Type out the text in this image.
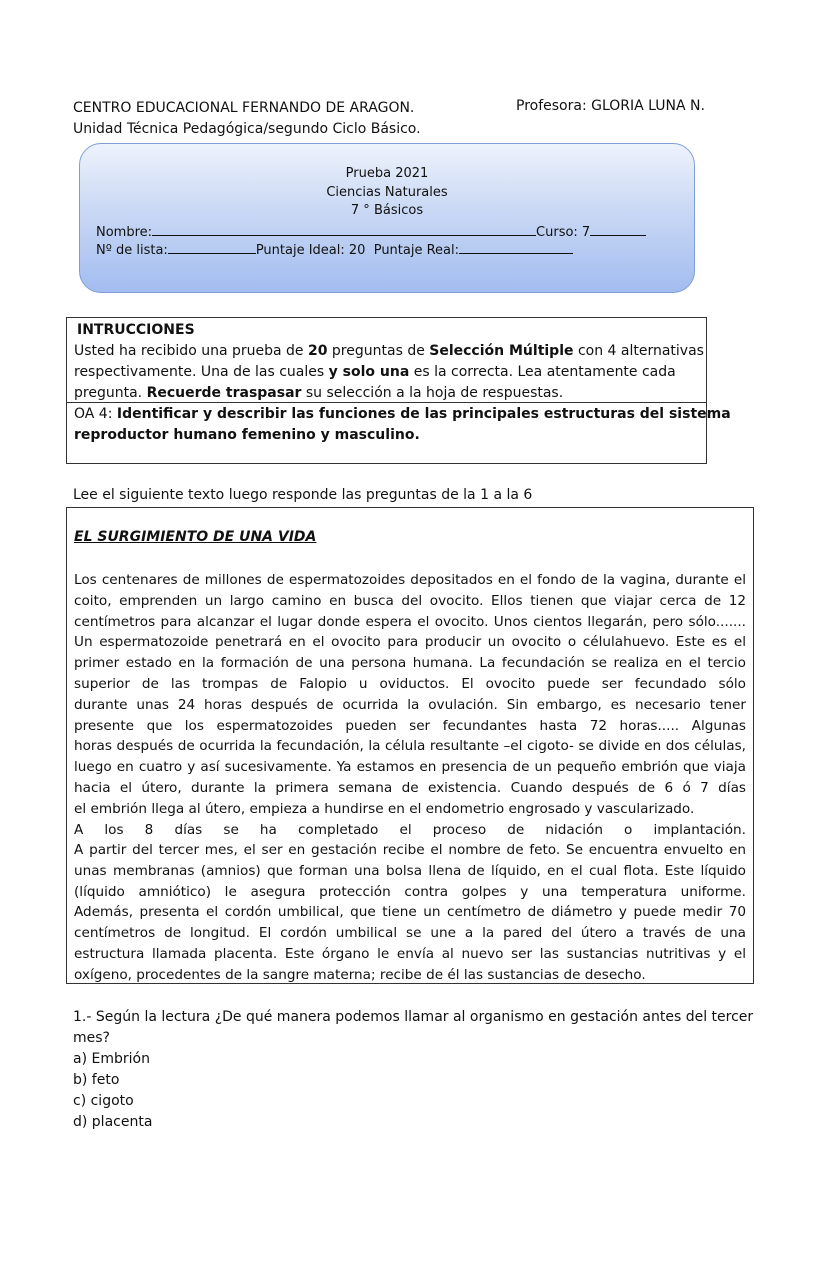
CENTRO EDUCACIONAL FERNANDO DE ARAGON.
Unidad Técnica Pedagógica/segundo Ciclo Básico.
Profesora: GLORIA LUNA N.
Prueba 2021
Ciencias Naturales
7 ° Básicos
Nombre:	Curso: 7
Nº de lista:	Puntaje Ideal: 20 Puntaje Real:
INTRUCCIONES
Usted ha recibido una prueba de 20 preguntas de Selección Múltiple con 4 alternativas
respectivamente. Una de las cuales y solo una es la correcta. Lea atentamente cada
pregunta. Recuerde traspasar su selección a la hoja de respuestas.
OA 4: Identificar y describir las funciones de las principales estructuras del sistema
reproductor humano femenino y masculino.
Lee el siguiente texto luego responde las preguntas de la 1 a la 6
EL SURGIMIENTO DE UNA VIDA
Los centenares de millones de espermatozoides depositados en el fondo de la vagina, durante el
coito, emprenden un largo camino en busca del ovocito. Ellos tienen que viajar cerca de 12
centímetros para alcanzar el lugar donde espera el ovocito. Unos cientos llegarán, pero sólo.......
Un espermatozoide penetrará en el ovocito para producir un ovocito o célulahuevo. Este es el
primer estado en la formación de una persona humana. La fecundación se realiza en el tercio
superior de las trompas de Falopio u oviductos. El ovocito puede ser fecundado sólo
durante unas 24 horas después de ocurrida la ovulación. Sin embargo, es necesario tener
presente que los espermatozoides pueden ser fecundantes hasta 72 horas..... Algunas
horas después de ocurrida la fecundación, la célula resultante –el cigoto- se divide en dos células,
luego en cuatro y así sucesivamente. Ya estamos en presencia de un pequeño embrión que viaja
hacia el útero, durante la primera semana de existencia. Cuando después de 6 ó 7 días
el embrión llega al útero, empieza a hundirse en el endometrio engrosado y vascularizado.
A los 8 días se ha completado el proceso de nidación o implantación.
A partir del tercer mes, el ser en gestación recibe el nombre de feto. Se encuentra envuelto en
unas membranas (amnios) que forman una bolsa llena de líquido, en el cual flota. Este líquido
(líquido amniótico) le asegura protección contra golpes y una temperatura uniforme.
Además, presenta el cordón umbilical, que tiene un centímetro de diámetro y puede medir 70
centímetros de longitud. El cordón umbilical se une a la pared del útero a través de una
estructura llamada placenta. Este órgano le envía al nuevo ser las sustancias nutritivas y el
oxígeno, procedentes de la sangre materna; recibe de él las sustancias de desecho.
1.- Según la lectura ¿De qué manera podemos llamar al organismo en gestación antes del tercer
mes?
a) Embrión
b) feto
c) cigoto
d) placenta
